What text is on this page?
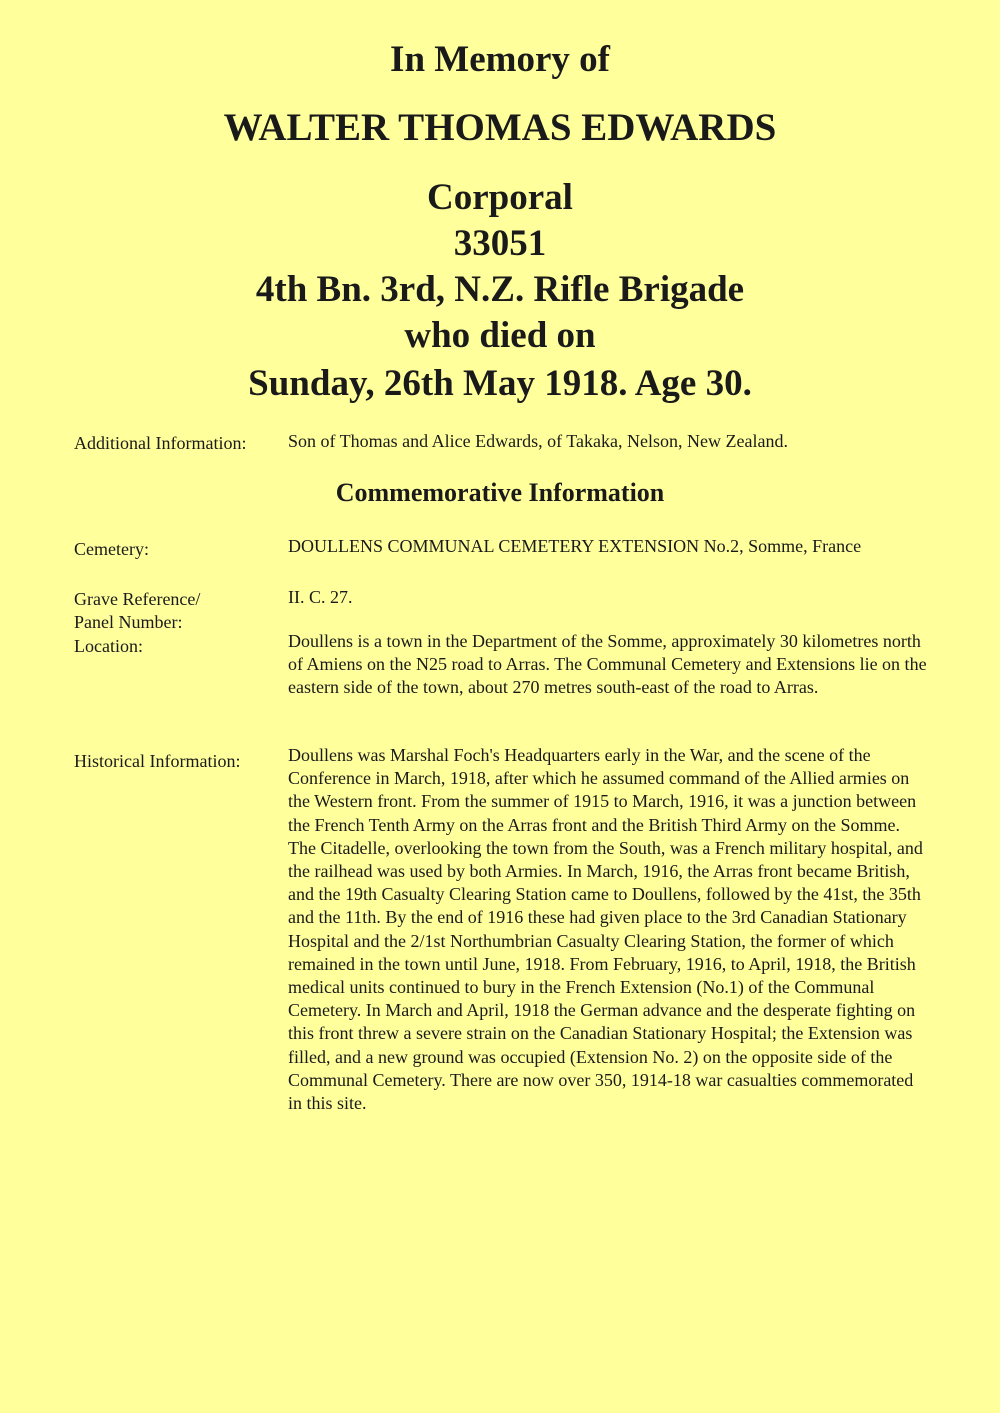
In Memory of
WALTER THOMAS EDWARDS
Corporal
33051
4th Bn. 3rd, N.Z. Rifle Brigade
who died on
Sunday, 26th May 1918. Age 30.
Additional Information:	Son of Thomas and Alice Edwards, of Takaka, Nelson, New Zealand.
Commemorative Information
Cemetery:	DOULLENS COMMUNAL CEMETERY EXTENSION No.2, Somme, France
Grave Reference/ Panel Number:
II. C. 27.
Location:	Doullens is a town in the Department of the Somme, approximately 30 kilometres north of Amiens on the N25 road to Arras. The Communal Cemetery and Extensions lie on the eastern side of the town, about 270 metres south-east of the road to Arras.
Historical Information:	Doullens was Marshal Foch's Headquarters early in the War, and the scene of the Conference in March, 1918, after which he assumed command of the Allied armies on the Western front. From the summer of 1915 to March, 1916, it was a junction between the French Tenth Army on the Arras front and the British Third Army on the Somme. The Citadelle, overlooking the town from the South, was a French military hospital, and the railhead was used by both Armies. In March, 1916, the Arras front became British, and the 19th Casualty Clearing Station came to Doullens, followed by the 41st, the 35th and the 11th. By the end of 1916 these had given place to the 3rd Canadian Stationary Hospital and the 2/1st Northumbrian Casualty Clearing Station, the former of which remained in the town until June, 1918. From February, 1916, to April, 1918, the British medical units continued to bury in the French Extension (No.1) of the Communal Cemetery. In March and April, 1918 the German advance and the desperate fighting on this front threw a severe strain on the Canadian Stationary Hospital; the Extension was filled, and a new ground was occupied (Extension No. 2) on the opposite side of the Communal Cemetery. There are now over 350, 1914-18 war casualties commemorated in this site.
